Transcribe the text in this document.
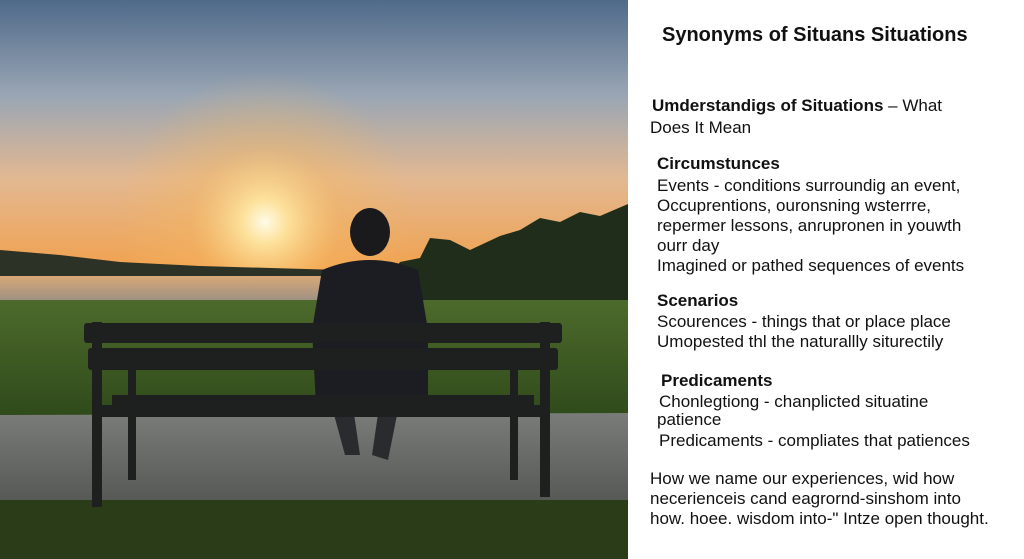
Synonyms of Situans Situations
Umderstandigs of Situations – What
Does It Mean
Circumstunces
Events - conditions surroundig an event,
Occuprentions, ouronsning wsterrre,
repermer lessons, anɾupronen in youwth
ourr day
Imagined or pathed sequences of events
Scenarios
Scourences - things that or place place
Umopested thl the naturallly siturectily
Predicaments
Chonlegtiong - chanplicted situatine
patience
Predicaments - compliates that patiences
How we name our experiences, wid how
necerienceis cand eagrornd-sinshom into
how. hoee. wisdom into-" Intze open thought.
